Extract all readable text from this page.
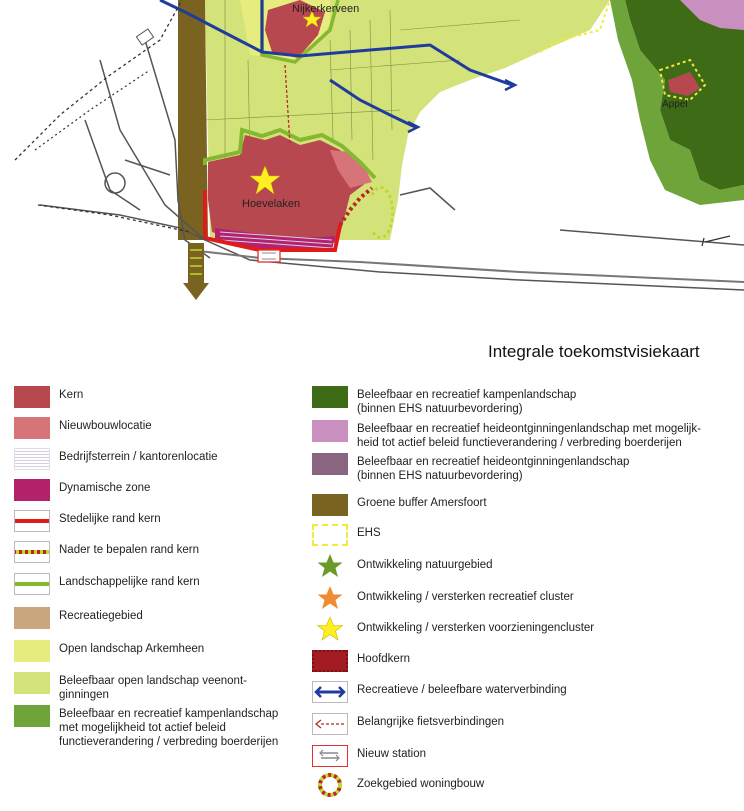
Nijkerkerveen
Hoevelaken
Appel
Integrale toekomstvisiekaart
Kern
Nieuwbouwlocatie
Bedrijfsterrein / kantorenlocatie
Dynamische zone
Stedelijke rand kern
Nader te bepalen rand kern
Landschappelijke rand kern
Recreatiegebied
Open landschap Arkemheen
Beleefbaar open landschap veenont-
ginningen
Beleefbaar en recreatief kampenlandschap
met mogelijkheid tot actief beleid
functieverandering / verbreding boerderijen
Beleefbaar en recreatief kampenlandschap
(binnen EHS natuurbevordering)
Beleefbaar en recreatief heideontginningenlandschap met mogelijk-
heid tot actief beleid functieverandering / verbreding boerderijen
Beleefbaar en recreatief heideontginningenlandschap
(binnen EHS natuurbevordering)
Groene buffer Amersfoort
EHS
Ontwikkeling natuurgebied
Ontwikkeling / versterken recreatief cluster
Ontwikkeling / versterken voorzieningencluster
Hoofdkern
Recreatieve / beleefbare waterverbinding
Belangrijke fietsverbindingen
Nieuw station
Zoekgebied woningbouw
